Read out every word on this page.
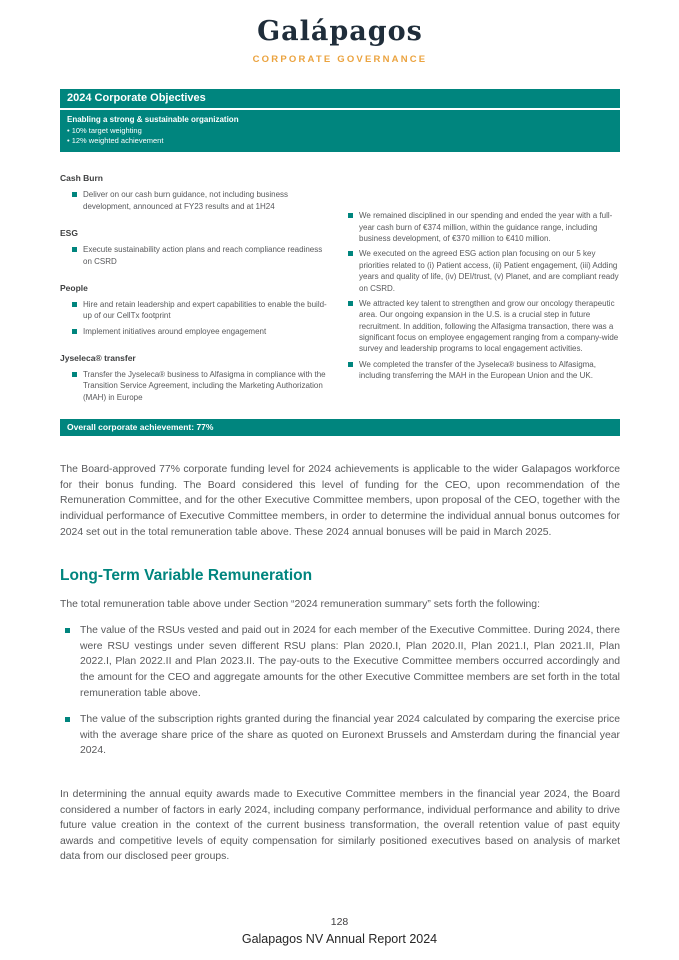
Galápagos
CORPORATE GOVERNANCE
2024 Corporate Objectives
Enabling a strong & sustainable organization
• 10% target weighting
• 12% weighted achievement
Cash Burn
Deliver on our cash burn guidance, not including business development, announced at FY23 results and at 1H24
ESG
Execute sustainability action plans and reach compliance readiness on CSRD
People
Hire and retain leadership and expert capabilities to enable the build-up of our CellTx footprint
Implement initiatives around employee engagement
Jyseleca® transfer
Transfer the Jyseleca® business to Alfasigma in compliance with the Transition Service Agreement, including the Marketing Authorization (MAH) in Europe
We remained disciplined in our spending and ended the year with a full-year cash burn of €374 million, within the guidance range, including business development, of €370 million to €410 million.
We executed on the agreed ESG action plan focusing on our 5 key priorities related to (i) Patient access, (ii) Patient engagement, (iii) Adding years and quality of life, (iv) DEI/trust, (v) Planet, and are compliant ready on CSRD.
We attracted key talent to strengthen and grow our oncology therapeutic area. Our ongoing expansion in the U.S. is a crucial step in future recruitment. In addition, following the Alfasigma transaction, there was a significant focus on employee engagement ranging from a company-wide survey and leadership programs to local engagement activities.
We completed the transfer of the Jyseleca® business to Alfasigma, including transferring the MAH in the European Union and the UK.
Overall corporate achievement: 77%

The Board-approved 77% corporate funding level for 2024 achievements is applicable to the wider Galapagos workforce for their bonus funding. The Board considered this level of funding for the CEO, upon recommendation of the Remuneration Committee, and for the other Executive Committee members, upon proposal of the CEO, together with the individual performance of Executive Committee members, in order to determine the individual annual bonus outcomes for 2024 set out in the total remuneration table above. These 2024 annual bonuses will be paid in March 2025.

Long-Term Variable Remuneration

The total remuneration table above under Section “2024 remuneration summary” sets forth the following:

The value of the RSUs vested and paid out in 2024 for each member of the Executive Committee. During 2024, there were RSU vestings under seven different RSU plans: Plan 2020.I, Plan 2020.II, Plan 2021.I, Plan 2021.II, Plan 2022.I, Plan 2022.II and Plan 2023.II. The pay-outs to the Executive Committee members occurred accordingly and the amount for the CEO and aggregate amounts for the other Executive Committee members are set forth in the total remuneration table above.
The value of the subscription rights granted during the financial year 2024 calculated by comparing the exercise price with the average share price of the share as quoted on Euronext Brussels and Amsterdam during the financial year 2024.

In determining the annual equity awards made to Executive Committee members in the financial year 2024, the Board considered a number of factors in early 2024, including company performance, individual performance and ability to drive future value creation in the context of the current business transformation, the overall retention value of past equity awards and competitive levels of equity compensation for similarly positioned executives based on analysis of market data from our disclosed peer groups.

128
Galapagos NV Annual Report 2024
